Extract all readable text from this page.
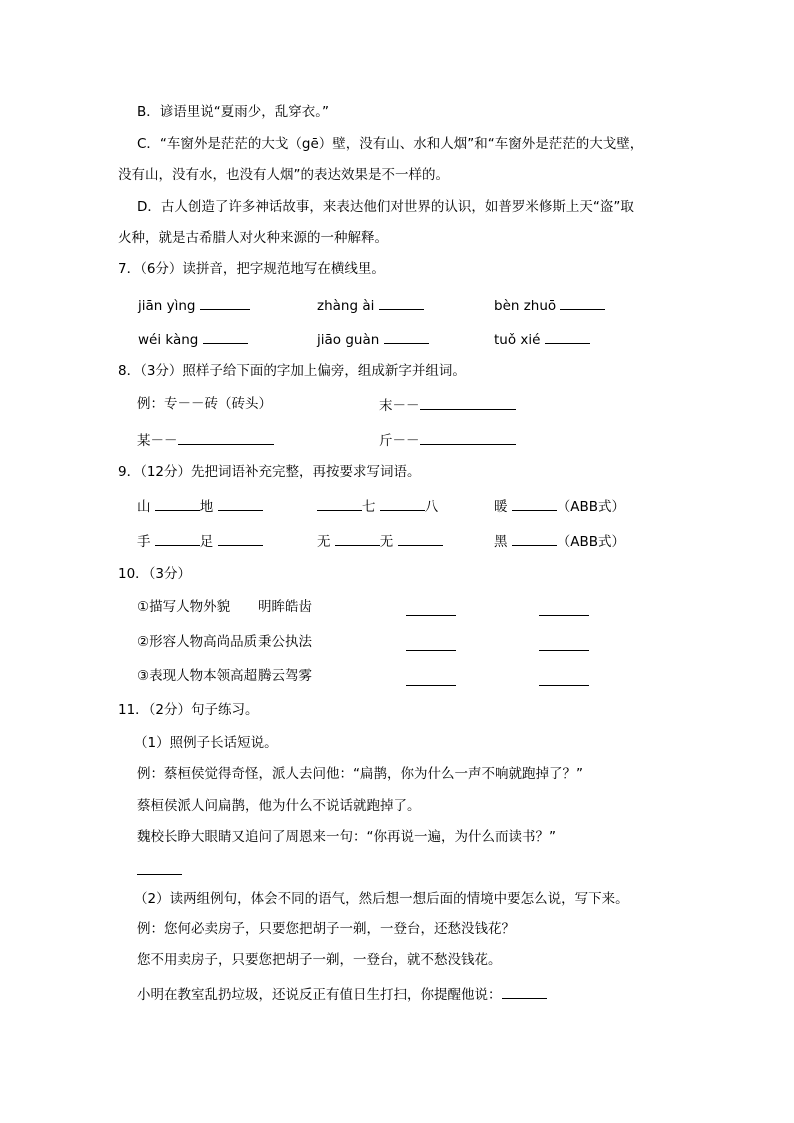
B．谚语里说“夏雨少，乱穿衣。”
C．“车窗外是茫茫的大戈（gē）壁，没有山、水和人烟”和“车窗外是茫茫的大戈壁，
没有山，没有水，也没有人烟”的表达效果是不一样的。
D．古人创造了许多神话故事，来表达他们对世界的认识，如普罗米修斯上天“盗”取
火种，就是古希腊人对火种来源的一种解释。
7．（6分）读拼音，把字规范地写在横线里。
jiān yìng	zhàng ài	bèn zhuō
wéi kàng	jiāo guàn	tuǒ xié
8．（3分）照样子给下面的字加上偏旁，组成新字并组词。
例：专－－砖（砖头）	末－－
某－－	斤－－
9．（12分）先把词语补充完整，再按要求写词语。
山	地	七	八	暖	（ABB式）
手	足	无	无	黑	（ABB式）
10．（3分）
①描写人物外貌 明眸皓齿
②形容人物高尚品质 秉公执法
③表现人物本领高超 腾云驾雾
11．（2分）句子练习。
（1）照例子长话短说。
例：蔡桓侯觉得奇怪，派人去问他：“扁鹊，你为什么一声不响就跑掉了？”
蔡桓侯派人问扁鹊，他为什么不说话就跑掉了。
魏校长睁大眼睛又追问了周恩来一句：“你再说一遍，为什么而读书？”
（2）读两组例句，体会不同的语气，然后想一想后面的情境中要怎么说，写下来。
例：您何必卖房子，只要您把胡子一剃，一登台，还愁没钱花？
您不用卖房子，只要您把胡子一剃，一登台，就不愁没钱花。
小明在教室乱扔垃圾，还说反正有值日生打扫，你提醒他说：
